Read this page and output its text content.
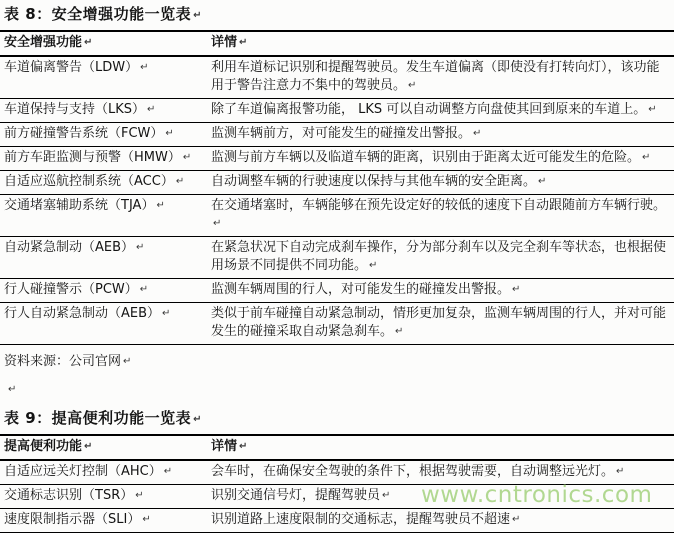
表 8：安全增强功能一览表 ↵
安全增强功能 ↵	详情 ↵
车道偏离警告（LDW） ↵	利用车道标记识别和提醒驾驶员。发生车道偏离（即使没有打转向灯），该功能用于警告注意力不集中的驾驶员。 ↵
车道保持与支持（LKS） ↵	除了车道偏离报警功能， LKS 可以自动调整方向盘使其回到原来的车道上。 ↵
前方碰撞警告系统（FCW） ↵	监测车辆前方，对可能发生的碰撞发出警报。 ↵
前方车距监测与预警（HMW） ↵	监测与前方车辆以及临道车辆的距离，识别由于距离太近可能发生的危险。 ↵
自适应巡航控制系统（ACC） ↵	自动调整车辆的行驶速度以保持与其他车辆的安全距离。 ↵
交通堵塞辅助系统（TJA） ↵	在交通堵塞时，车辆能够在预先设定好的较低的速度下自动跟随前方车辆行驶。↵
自动紧急制动（AEB） ↵	在紧急状况下自动完成刹车操作，分为部分刹车以及完全刹车等状态，也根据使用场景不同提供不同功能。 ↵
行人碰撞警示（PCW） ↵	监测车辆周围的行人，对可能发生的碰撞发出警报。 ↵
行人自动紧急制动（AEB） ↵	类似于前车碰撞自动紧急制动，情形更加复杂，监测车辆周围的行人，并对可能发生的碰撞采取自动紧急刹车。 ↵
资料来源：公司官网 ↵
↵
表 9：提高便利功能一览表 ↵
提高便利功能 ↵	详情 ↵
自适应远关灯控制（AHC） ↵	会车时，在确保安全驾驶的条件下，根据驾驶需要，自动调整远光灯。 ↵
交通标志识别（TSR） ↵	识别交通信号灯，提醒驾驶员 ↵
速度限制指示器（SLI） ↵	识别道路上速度限制的交通标志，提醒驾驶员不超速 ↵
www.cntronics.com
